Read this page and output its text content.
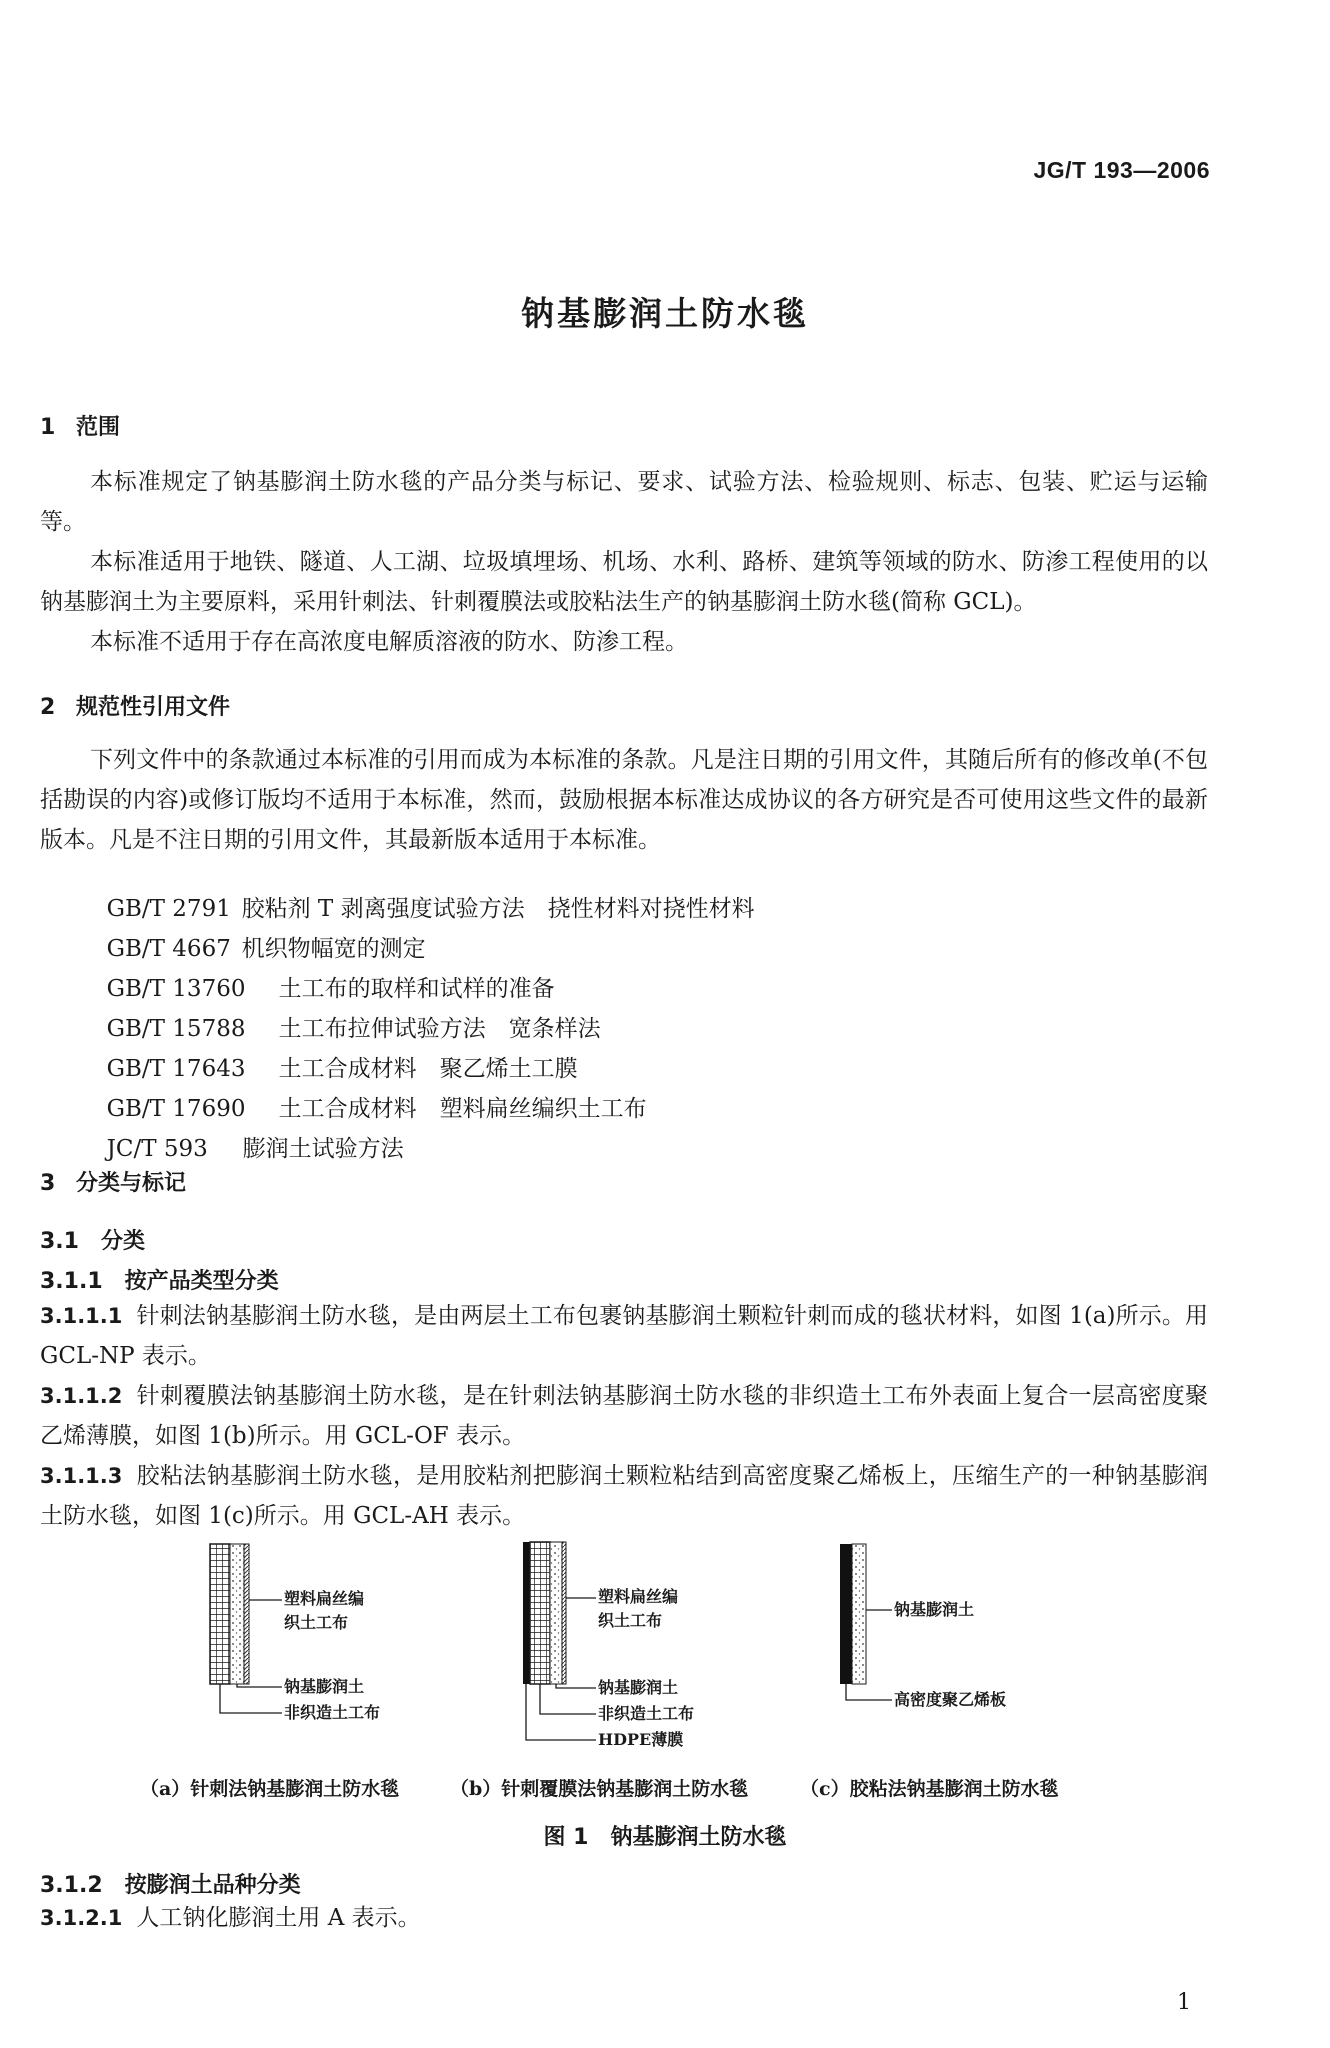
JG/T 193—2006
钠基膨润土防水毯
1 范围
本标准规定了钠基膨润土防水毯的产品分类与标记、要求、试验方法、检验规则、标志、包装、贮运与运输等。
本标准适用于地铁、隧道、人工湖、垃圾填埋场、机场、水利、路桥、建筑等领域的防水、防渗工程使用的以钠基膨润土为主要原料，采用针刺法、针刺覆膜法或胶粘法生产的钠基膨润土防水毯(简称 GCL)。
本标准不适用于存在高浓度电解质溶液的防水、防渗工程。
2 规范性引用文件
下列文件中的条款通过本标准的引用而成为本标准的条款。凡是注日期的引用文件，其随后所有的修改单(不包括勘误的内容)或修订版均不适用于本标准，然而，鼓励根据本标准达成协议的各方研究是否可使用这些文件的最新版本。凡是不注日期的引用文件，其最新版本适用于本标准。

GB/T 2791 胶粘剂 T 剥离强度试验方法　挠性材料对挠性材料

GB/T 4667 机织物幅宽的测定

GB/T 13760 土工布的取样和试样的准备

GB/T 15788 土工布拉伸试验方法　宽条样法

GB/T 17643 土工合成材料　聚乙烯土工膜

GB/T 17690 土工合成材料　塑料扁丝编织土工布

JC/T 593 膨润土试验方法

3 分类与标记
3.1 分类
3.1.1 按产品类型分类
3.1.1.1 针刺法钠基膨润土防水毯，是由两层土工布包裹钠基膨润土颗粒针刺而成的毯状材料，如图 1(a)所示。用 GCL-NP 表示。
3.1.1.2 针刺覆膜法钠基膨润土防水毯，是在针刺法钠基膨润土防水毯的非织造土工布外表面上复合一层高密度聚乙烯薄膜，如图 1(b)所示。用 GCL-OF 表示。
3.1.1.3 胶粘法钠基膨润土防水毯，是用胶粘剂把膨润土颗粒粘结到高密度聚乙烯板上，压缩生产的一种钠基膨润土防水毯，如图 1(c)所示。用 GCL-AH 表示。
塑料扁丝编
织土工布
钠基膨润土
非织造土工布
塑料扁丝编
织土工布
钠基膨润土
非织造土工布
HDPE薄膜
钠基膨润土
高密度聚乙烯板
（a）针刺法钠基膨润土防水毯	（b）针刺覆膜法钠基膨润土防水毯	（c）胶粘法钠基膨润土防水毯
图 1　钠基膨润土防水毯
3.1.2 按膨润土品种分类
3.1.2.1 人工钠化膨润土用 A 表示。
1
